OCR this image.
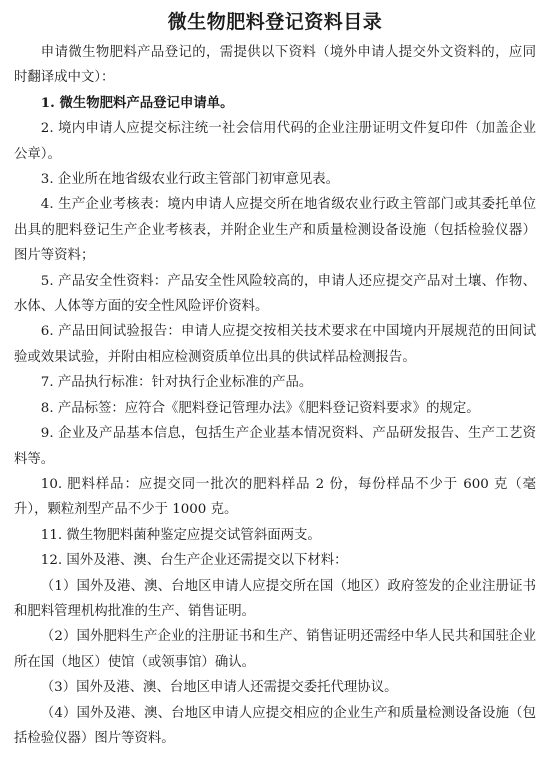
微生物肥料登记资料目录

申请微生物肥料产品登记的，需提供以下资料（境外申请人提交外文资料的，应同时翻译成中文）：

1. 微生物肥料产品登记申请单。

2. 境内申请人应提交标注统一社会信用代码的企业注册证明文件复印件（加盖企业公章）。

3. 企业所在地省级农业行政主管部门初审意见表。

4. 生产企业考核表：境内申请人应提交所在地省级农业行政主管部门或其委托单位出具的肥料登记生产企业考核表，并附企业生产和质量检测设备设施（包括检验仪器）图片等资料；

5. 产品安全性资料：产品安全性风险较高的，申请人还应提交产品对土壤、作物、水体、人体等方面的安全性风险评价资料。

6. 产品田间试验报告：申请人应提交按相关技术要求在中国境内开展规范的田间试验或效果试验，并附由相应检测资质单位出具的供试样品检测报告。

7. 产品执行标准：针对执行企业标准的产品。

8. 产品标签：应符合《肥料登记管理办法》《肥料登记资料要求》的规定。

9. 企业及产品基本信息，包括生产企业基本情况资料、产品研发报告、生产工艺资料等。

10. 肥料样品：应提交同一批次的肥料样品 2 份，每份样品不少于 600 克（毫升），颗粒剂型产品不少于 1000 克。

11. 微生物肥料菌种鉴定应提交试管斜面两支。

12. 国外及港、澳、台生产企业还需提交以下材料：

（1）国外及港、澳、台地区申请人应提交所在国（地区）政府签发的企业注册证书和肥料管理机构批准的生产、销售证明。

（2）国外肥料生产企业的注册证书和生产、销售证明还需经中华人民共和国驻企业所在国（地区）使馆（或领事馆）确认。

（3）国外及港、澳、台地区申请人还需提交委托代理协议。

（4）国外及港、澳、台地区申请人应提交相应的企业生产和质量检测设备设施（包括检验仪器）图片等资料。
